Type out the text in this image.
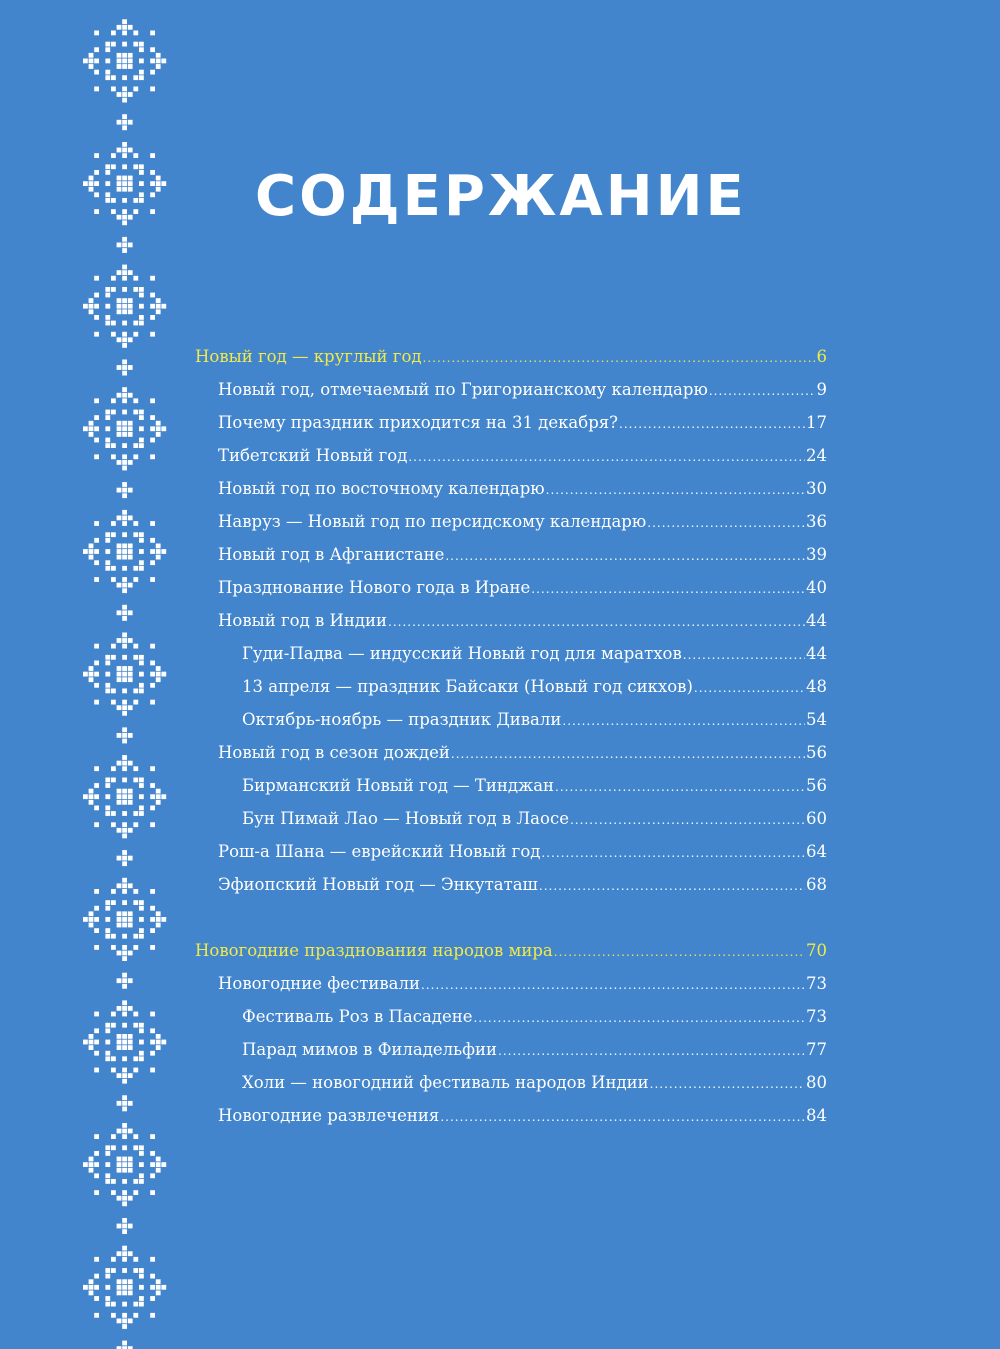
СОДЕРЖАНИЕ
Новый год — круглый год .....	6
Новый год, отмечаемый по Григорианскому календарю .....	9
Почему праздник приходится на 31 декабря? .....	17
Тибетский Новый год .....	24
Новый год по восточному календарю .....	30
Навруз — Новый год по персидскому календарю .....	36
Новый год в Афганистане .....	39
Празднование Нового года в Иране .....	40
Новый год в Индии .....	44
Гуди-Падва — индусский Новый год для маратхов .....	44
13 апреля — праздник Байсаки (Новый год сикхов) .....	48
Октябрь-ноябрь — праздник Дивали .....	54
Новый год в сезон дождей .....	56
Бирманский Новый год — Тинджан .....	56
Бун Пимай Лао — Новый год в Лаосе .....	60
Рош-а Шана — еврейский Новый год .....	64
Эфиопский Новый год — Энкутаташ .....	68
Новогодние празднования народов мира .....	70
Новогодние фестивали .....	73
Фестиваль Роз в Пасадене .....	73
Парад мимов в Филадельфии .....	77
Холи — новогодний фестиваль народов Индии .....	80
Новогодние развлечения .....	84
